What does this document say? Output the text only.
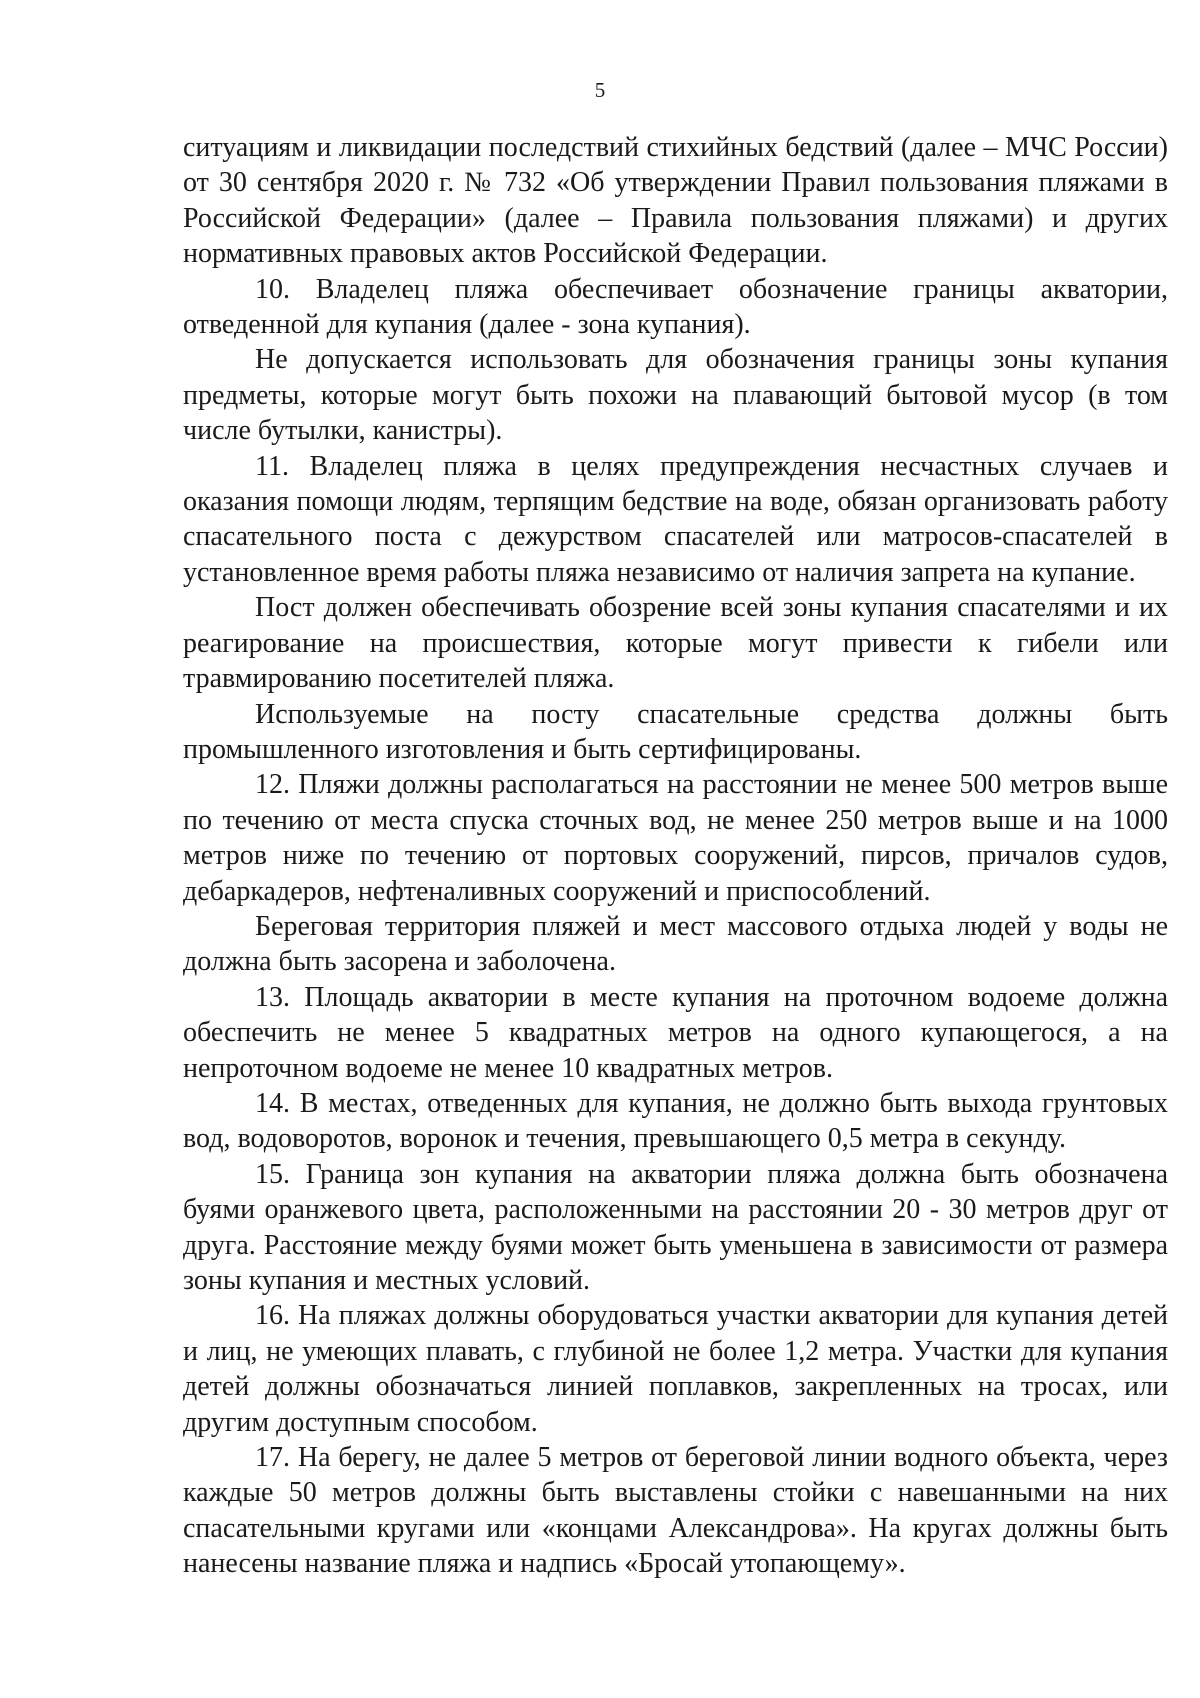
5

ситуациям и ликвидации последствий стихийных бедствий (далее – МЧС России) от 30 сентября 2020 г. № 732 «Об утверждении Правил пользования пляжами в Российской Федерации» (далее – Правила пользования пляжами) и других нормативных правовых актов Российской Федерации.

10. Владелец пляжа обеспечивает обозначение границы акватории, отведенной для купания (далее - зона купания).

Не допускается использовать для обозначения границы зоны купания предметы, которые могут быть похожи на плавающий бытовой мусор (в том числе бутылки, канистры).

11. Владелец пляжа в целях предупреждения несчастных случаев и оказания помощи людям, терпящим бедствие на воде, обязан организовать работу спасательного поста с дежурством спасателей или матросов-спасателей в установленное время работы пляжа независимо от наличия запрета на купание.

Пост должен обеспечивать обозрение всей зоны купания спасателями и их реагирование на происшествия, которые могут привести к гибели или травмированию посетителей пляжа.

Используемые на посту спасательные средства должны быть промышленного изготовления и быть сертифицированы.

12. Пляжи должны располагаться на расстоянии не менее 500 метров выше по течению от места спуска сточных вод, не менее 250 метров выше и на 1000 метров ниже по течению от портовых сооружений, пирсов, причалов судов, дебаркадеров, нефтеналивных сооружений и приспособлений.

Береговая территория пляжей и мест массового отдыха людей у воды не должна быть засорена и заболочена.

13. Площадь акватории в месте купания на проточном водоеме должна обеспечить не менее 5 квадратных метров на одного купающегося, а на непроточном водоеме не менее 10 квадратных метров.

14. В местах, отведенных для купания, не должно быть выхода грунтовых вод, водоворотов, воронок и течения, превышающего 0,5 метра в секунду.

15. Граница зон купания на акватории пляжа должна быть обозначена буями оранжевого цвета, расположенными на расстоянии 20 - 30 метров друг от друга. Расстояние между буями может быть уменьшена в зависимости от размера зоны купания и местных условий.

16. На пляжах должны оборудоваться участки акватории для купания детей и лиц, не умеющих плавать, с глубиной не более 1,2 метра. Участки для купания детей должны обозначаться линией поплавков, закрепленных на тросах, или другим доступным способом.

17. На берегу, не далее 5 метров от береговой линии водного объекта, через каждые 50 метров должны быть выставлены стойки с навешанными на них спасательными кругами или «концами Александрова». На кругах должны быть нанесены название пляжа и надпись «Бросай утопающему».
